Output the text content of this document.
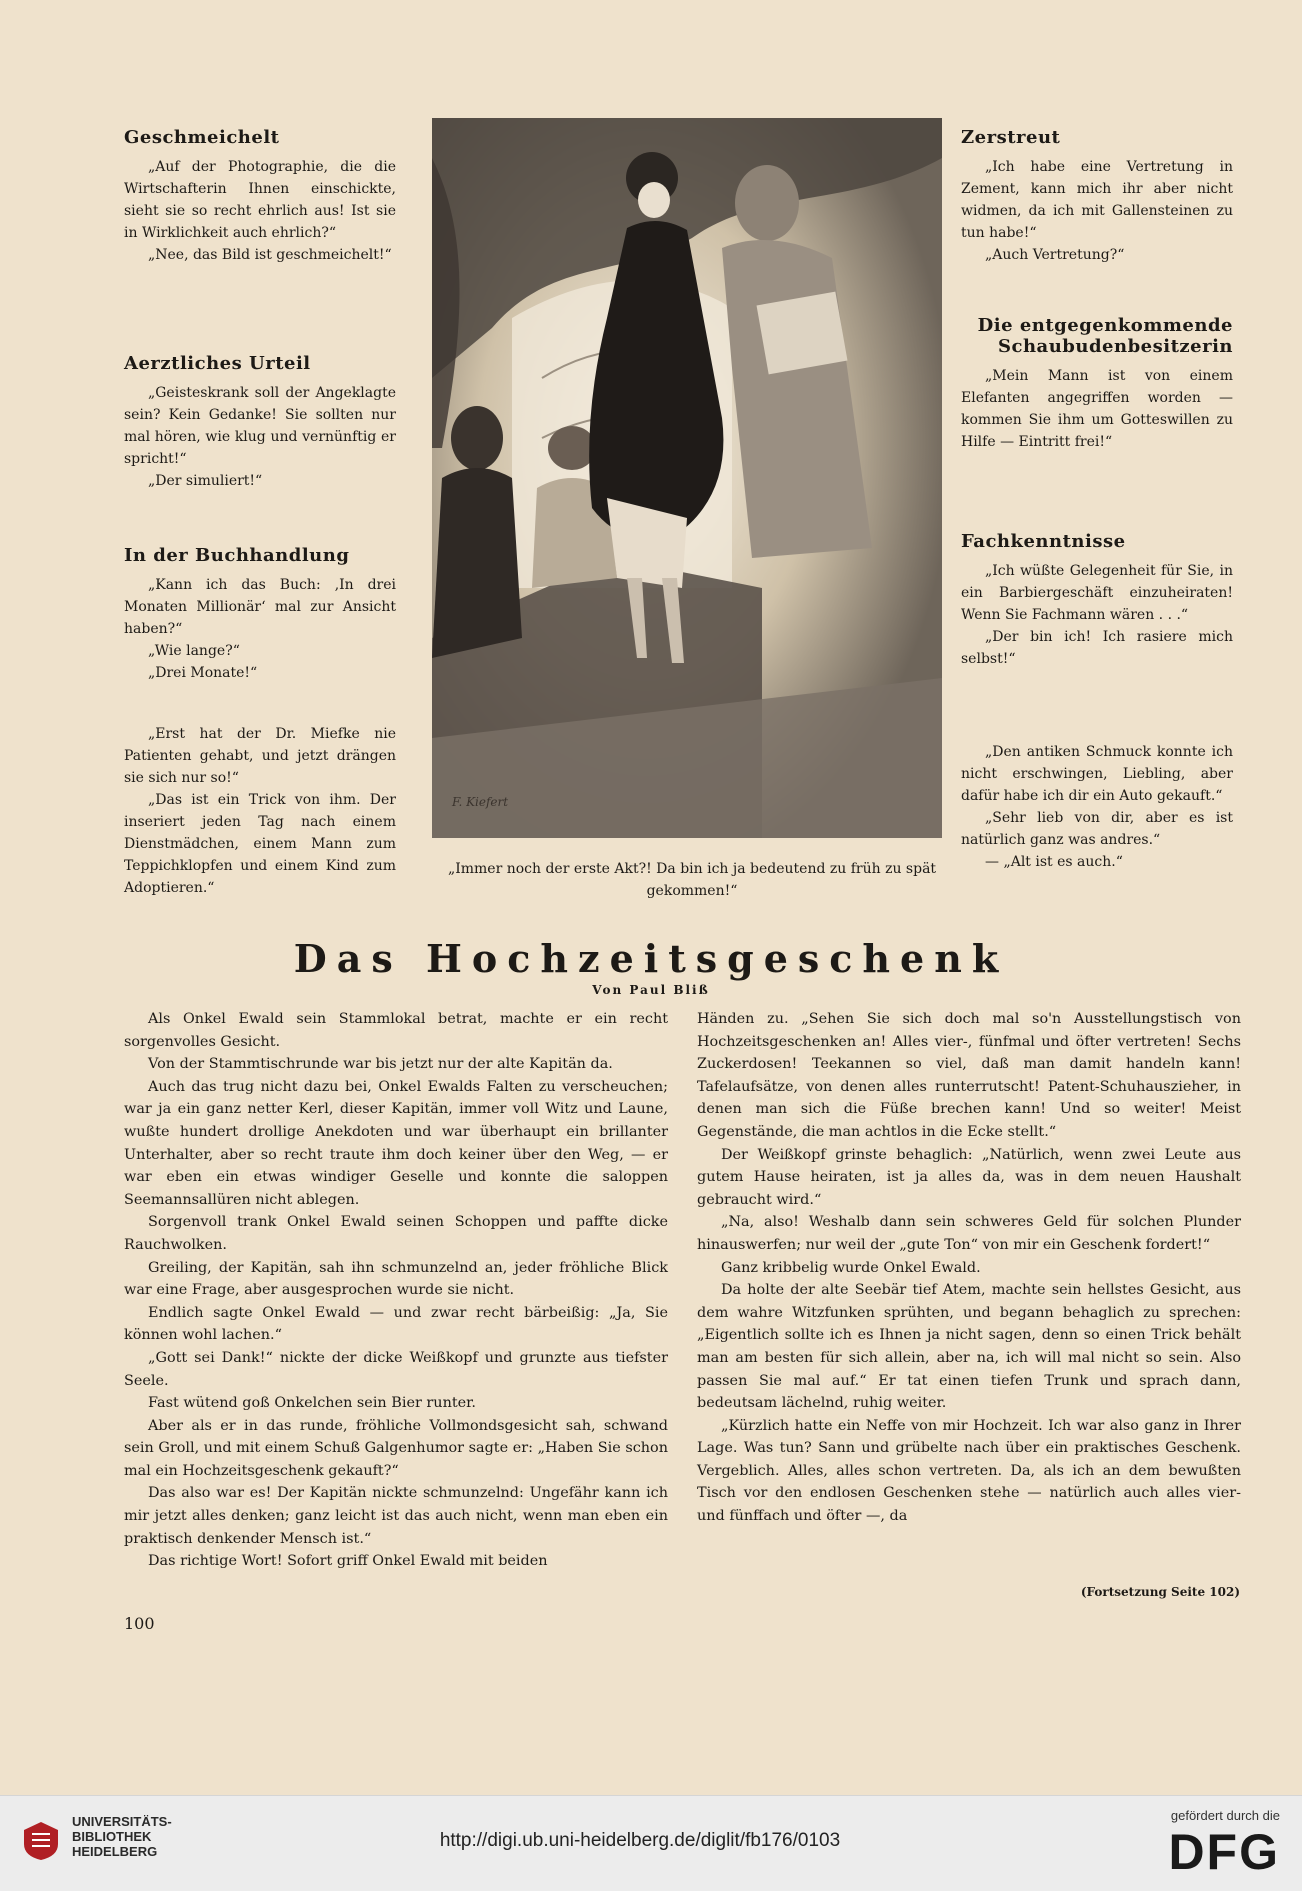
Geschmeichelt

„Auf der Photographie, die die Wirtschafterin Ihnen einschickte, sieht sie so recht ehrlich aus! Ist sie in Wirklichkeit auch ehrlich?“

„Nee, das Bild ist geschmeichelt!“

Aerztliches Urteil

„Geisteskrank soll der Angeklagte sein? Kein Gedanke! Sie sollten nur mal hören, wie klug und vernünftig er spricht!“

„Der simuliert!“

In der Buchhandlung

„Kann ich das Buch: ‚In drei Monaten Millionär‘ mal zur Ansicht haben?“

„Wie lange?“

„Drei Monate!“

„Erst hat der Dr. Miefke nie Patienten gehabt, und jetzt drängen sie sich nur so!“

„Das ist ein Trick von ihm. Der inseriert jeden Tag nach einem Dienstmädchen, einem Mann zum Teppichklopfen und einem Kind zum Adoptieren.“

F. Kiefert
„Immer noch der erste Akt?! Da bin ich ja bedeutend zu früh zu spät gekommen!“
Zerstreut

„Ich habe eine Vertretung in Zement, kann mich ihr aber nicht widmen, da ich mit Gallensteinen zu tun habe!“

„Auch Vertretung?“

Die entgegenkommende Schaubudenbesitzerin

„Mein Mann ist von einem Elefanten angegriffen worden — kommen Sie ihm um Gotteswillen zu Hilfe — Eintritt frei!“

Fachkenntnisse

„Ich wüßte Gelegenheit für Sie, in ein Barbiergeschäft einzuheiraten! Wenn Sie Fachmann wären . . .“

„Der bin ich! Ich rasiere mich selbst!“

„Den antiken Schmuck konnte ich nicht erschwingen, Liebling, aber dafür habe ich dir ein Auto gekauft.“

„Sehr lieb von dir, aber es ist natürlich ganz was andres.“

— „Alt ist es auch.“

Das Hochzeitsgeschenk
Von Paul Bliß

Als Onkel Ewald sein Stammlokal betrat, machte er ein recht sorgenvolles Gesicht.

Von der Stammtischrunde war bis jetzt nur der alte Kapitän da.

Auch das trug nicht dazu bei, Onkel Ewalds Falten zu verscheuchen; war ja ein ganz netter Kerl, dieser Kapitän, immer voll Witz und Laune, wußte hundert drollige Anekdoten und war überhaupt ein brillanter Unterhalter, aber so recht traute ihm doch keiner über den Weg, — er war eben ein etwas windiger Geselle und konnte die saloppen Seemannsallüren nicht ablegen.

Sorgenvoll trank Onkel Ewald seinen Schoppen und paffte dicke Rauchwolken.

Greiling, der Kapitän, sah ihn schmunzelnd an, jeder fröhliche Blick war eine Frage, aber ausgesprochen wurde sie nicht.

Endlich sagte Onkel Ewald — und zwar recht bärbeißig: „Ja, Sie können wohl lachen.“

„Gott sei Dank!“ nickte der dicke Weißkopf und grunzte aus tiefster Seele.

Fast wütend goß Onkelchen sein Bier runter.

Aber als er in das runde, fröhliche Vollmondsgesicht sah, schwand sein Groll, und mit einem Schuß Galgenhumor sagte er: „Haben Sie schon mal ein Hochzeitsgeschenk gekauft?“

Das also war es! Der Kapitän nickte schmunzelnd: Ungefähr kann ich mir jetzt alles denken; ganz leicht ist das auch nicht, wenn man eben ein praktisch denkender Mensch ist.“

Das richtige Wort! Sofort griff Onkel Ewald mit beiden

Händen zu. „Sehen Sie sich doch mal so'n Ausstellungstisch von Hochzeitsgeschenken an! Alles vier-, fünfmal und öfter vertreten! Sechs Zuckerdosen! Teekannen so viel, daß man damit handeln kann! Tafelaufsätze, von denen alles runterrutscht! Patent-Schuhauszieher, in denen man sich die Füße brechen kann! Und so weiter! Meist Gegenstände, die man achtlos in die Ecke stellt.“

Der Weißkopf grinste behaglich: „Natürlich, wenn zwei Leute aus gutem Hause heiraten, ist ja alles da, was in dem neuen Haushalt gebraucht wird.“

„Na, also! Weshalb dann sein schweres Geld für solchen Plunder hinauswerfen; nur weil der „gute Ton“ von mir ein Geschenk fordert!“

Ganz kribbelig wurde Onkel Ewald.

Da holte der alte Seebär tief Atem, machte sein hellstes Gesicht, aus dem wahre Witzfunken sprühten, und begann behaglich zu sprechen: „Eigentlich sollte ich es Ihnen ja nicht sagen, denn so einen Trick behält man am besten für sich allein, aber na, ich will mal nicht so sein. Also passen Sie mal auf.“ Er tat einen tiefen Trunk und sprach dann, bedeutsam lächelnd, ruhig weiter.

„Kürzlich hatte ein Neffe von mir Hochzeit. Ich war also ganz in Ihrer Lage. Was tun? Sann und grübelte nach über ein praktisches Geschenk. Vergeblich. Alles, alles schon vertreten. Da, als ich an dem bewußten Tisch vor den endlosen Geschenken stehe — natürlich auch alles vier- und fünffach und öfter —, da

(Fortsetzung Seite 102)
100
UNIVERSITÄTS-
BIBLIOTHEK
HEIDELBERG
http://digi.ub.uni-heidelberg.de/diglit/fb176/0103
gefördert durch die
DFG
